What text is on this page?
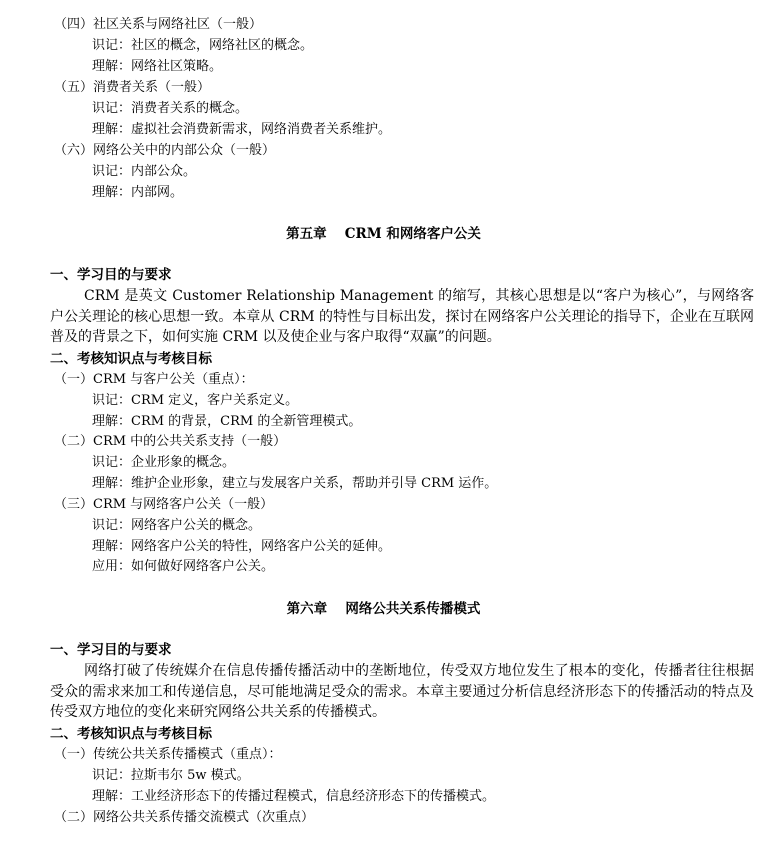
（四）社区关系与网络社区（一般）
识记：社区的概念，网络社区的概念。
理解：网络社区策略。
（五）消费者关系（一般）
识记：消费者关系的概念。
理解：虚拟社会消费新需求，网络消费者关系维护。
（六）网络公关中的内部公众（一般）
识记：内部公众。
理解：内部网。
第五章　 CRM 和网络客户公关
一、学习目的与要求

CRM 是英文 Customer Relationship Management 的缩写，其核心思想是以“客户为核心”，与网络客户公关理论的核心思想一致。本章从 CRM 的特性与目标出发，探讨在网络客户公关理论的指导下，企业在互联网普及的背景之下，如何实施 CRM 以及使企业与客户取得“双赢”的问题。

二、考核知识点与考核目标
（一）CRM 与客户公关（重点）：
识记：CRM 定义，客户关系定义。
理解：CRM 的背景，CRM 的全新管理模式。
（二）CRM 中的公共关系支持（一般）
识记：企业形象的概念。
理解：维护企业形象，建立与发展客户关系，帮助并引导 CRM 运作。
（三）CRM 与网络客户公关（一般）
识记：网络客户公关的概念。
理解：网络客户公关的特性，网络客户公关的延伸。
应用：如何做好网络客户公关。
第六章　 网络公共关系传播模式
一、学习目的与要求

网络打破了传统媒介在信息传播传播活动中的垄断地位，传受双方地位发生了根本的变化，传播者往往根据受众的需求来加工和传递信息，尽可能地满足受众的需求。本章主要通过分析信息经济形态下的传播活动的特点及传受双方地位的变化来研究网络公共关系的传播模式。

二、考核知识点与考核目标
（一）传统公共关系传播模式（重点）：
识记：拉斯韦尔 5w 模式。
理解：工业经济形态下的传播过程模式，信息经济形态下的传播模式。
（二）网络公共关系传播交流模式（次重点）
